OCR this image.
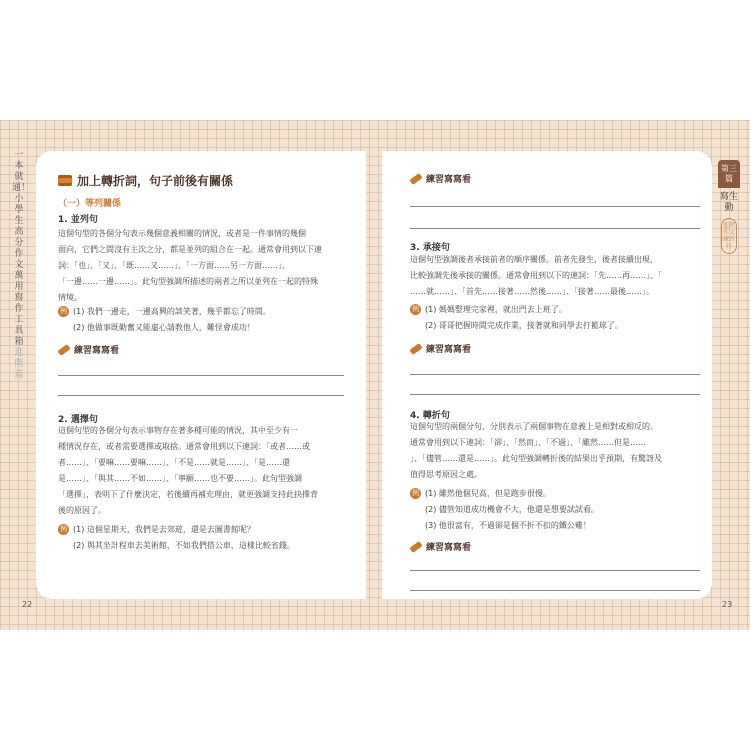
一本就通！小學生高分作文萬用寫作工具箱
進階篇
第三篇
寫生動
進階作文練習行
22	23
加上轉折詞，句子前後有關係
（一）等列關係
1. 並列句
這個句型的各個分句表示幾個意義相關的情況，或者是一件事情的幾個
面向，它們之間沒有主次之分，都是並列的組合在一起。通常會用到以下連
詞：「也」、「又」、「既……又……」、「一方面……另一方面……」、
「一邊……一邊……」。此句型強調所描述的兩者之所以並列在一起的特殊
情境。
例 (1) 我們一邊走，一邊高興的談笑著，幾乎都忘了時間。
(2) 他做事既勤奮又能虛心請教他人，難怪會成功！
練習寫寫看
2. 選擇句
這個句型的各個分句表示事物存在著多種可能的情況，其中至少有一
種情況存在，或者需要選擇或取捨。通常會用到以下連詞：「或者……或
者……」、「要嘛……要嘛……」、「不是……就是……」、「是……還
是……」、「與其……不如……」、「寧願……也不要……」。此句型強調
「選擇」，表明下了什麼決定，若後續再補充理由，就更強調支持此抉擇背
後的原因了。
例 (1) 這個星期天，我們是去郊遊，還是去圖書館呢？
(2) 與其坐計程車去美術館，不如我們搭公車，這樣比較省錢。
練習寫寫看
3. 承接句
這個句型強調後者承接前者的順序關係。前者先發生，後者接續出現，
比較強調先後承接的關係。通常會用到以下的連詞：「先……再……」、「
……就……」、「首先……接著……然後……」、「接著……最後……」。
例 (1) 媽媽整理完家裡，就出門去上班了。
(2) 哥哥把握時間完成作業，接著就和同學去打籃球了。
練習寫寫看
4. 轉折句
這個句型的兩個分句，分別表示了兩個事物在意義上是相對或相反的。
通常會用到以下連詞：「卻」、「然而」、「不過」、「雖然……但是……
」、「儘管……還是……」。此句型強調轉折後的結果出乎預期，有驚訝及
值得思考原因之處。
例 (1) 雖然他個兒高，但是跑步很慢。
(2) 儘管知道成功機會不大，他還是想要試試看。
(3) 他很富有，不過卻是個不折不扣的鐵公雞！
練習寫寫看
